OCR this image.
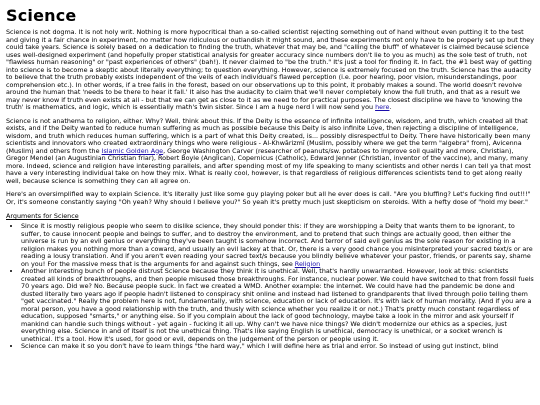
Science

Science is not dogma. It is not holy writ. Nothing is more hypocritical than a so-called scientist rejecting something out of hand without even putting it to the test and giving it a fair chance in experiment, no matter how ridiculous or outlandish it might sound, and these experiments not only have to be properly set up but they could take years. Science is solely based on a dedication to finding the truth, whatever that may be, and "calling the bluff" of whatever is claimed because science uses well-designed experiment (and hopefully proper statistical analysis for greater accuracy since numbers don't lie to you as much) as the sole test of truth, not "flawless human reasoning" or "past experiences of others" (bah!). It never claimed to "be the truth." It's just a tool for finding it. In fact, the #1 best way of getting into science is to become a skeptic about literally everything; to question everything. However, science is extremely focused on the truth. Science has the audacity to believe that the truth probably exists independent of the veils of each individual's flawed perception (i.e. poor hearing, poor vision, misunderstandings, poor comprehension etc.). In other words, if a tree falls in the forest, based on our observations up to this point, it probably makes a sound. The world doesn't revolve around the human that 'needs to be there to hear it fall.' It also has the audacity to claim that we'll never completely know the full truth, and that as a result we may never know if truth even exists at all - but that we can get as close to it as we need to for practical purposes. The closest discipline we have to 'knowing the truth' is mathematics, and logic, which is essentially math's twin sister. Since I am a huge nerd I will now send you here.

Science is not anathema to religion, either. Why? Well, think about this. If the Deity is the essence of infinite intelligence, wisdom, and truth, which created all that exists, and if the Deity wanted to reduce human suffering as much as possible because this Deity is also infinite Love, then rejecting a discipline of intelligence, wisdom, and truth which reduces human suffering, which is a part of what this Deity created, is... possibly disrespectful to Deity. There have historically been many scientists and innovators who created extraordinary things who were religious - Al-Khwārizmī (Muslim, possibly where we get the term "algebra" from), Avicenna (Muslim) and others from the Islamic Golden Age, George Washington Carver (researcher of peanuts/sw. potatoes to improve soil quality and more, Christian), Gregor Mendel (an Augustinian Christian friar), Robert Boyle (Anglican), Copernicus (Catholic), Edward Jenner (Christian, inventor of the vaccine), and many, many more. Indeed, science and religion have interesting parallels, and after spending most of my life speaking to many scientists and other nerds I can tell ya that most have a very interesting individual take on how they mix. What is really cool, however, is that regardless of religious differences scientists tend to get along really well, because science is something they can all agree on.

Here's an oversimplified way to explain Science. It's literally just like some guy playing poker but all he ever does is call. "Are you bluffing? Let's fucking find out!!!" Or, it's someone constantly saying "Oh yeah? Why should I believe you?" So yeah it's pretty much just skepticism on steroids. With a hefty dose of "hold my beer."

Arguments for Science
• Since it is mostly religious people who seem to dislike science, they should ponder this: if they are worshipping a Deity that wants them to be ignorant, to suffer, to cause innocent people and beings to suffer, and to destroy the environment, and to pretend that such things are actually good, then either the universe is run by an evil genius or everything they've been taught is somehow incorrect. And terror of said evil genius as the sole reason for existing in a religion makes you nothing more than a coward, and usually an evil lackey at that. Or, there is a very good chance you misinterpreted your sacred text/s or are reading a lousy translation. And if you aren't even reading your sacred text/s because you blindly believe whatever your pastor, friends, or parents say, shame on you! For the massive mess that is the arguments for and against such things, see Religion
• Another interesting bunch of people distrust Science because they think it is unethical. Well, that's hardly unwarranted. However, look at this: scientists created all kinds of breakthroughs, and then people misused those breakthroughs. For instance, nuclear power. We could have switched to that from fossil fuels 70 years ago. Did we? No. Because people suck. In fact we created a WMD. Another example: the internet. We could have had the pandemic be done and dusted literally two years ago if people hadn't listened to conspiracy shit online and instead had listened to grandparents that lived through polio telling them "get vaccinated." Really the problem here is not, fundamentally, with science, education or lack of education. It's with lack of human morality. (And if you are a moral person, you have a good relationship with the truth, and thusly with science whether you realize it or not.) That's pretty much constant regardless of education, supposed "smarts," or anything else. So if you complain about the lack of good technology, maybe take a look in the mirror and ask yourself if mankind can handle such things without - yet again - fucking it all up. Why can't we have nice things? We didn't modernize our ethics as a species, just everything else. Science in and of itself is not the unethical thing. That's like saying English is unethical, democracy is unethical, or a socket wrench is unethical. It's a tool. How it's used, for good or evil, depends on the judgement of the person or people using it.
• Science can make it so you don't have to learn things "the hard way," which I will define here as trial and error. So instead of using gut instinct, blind
